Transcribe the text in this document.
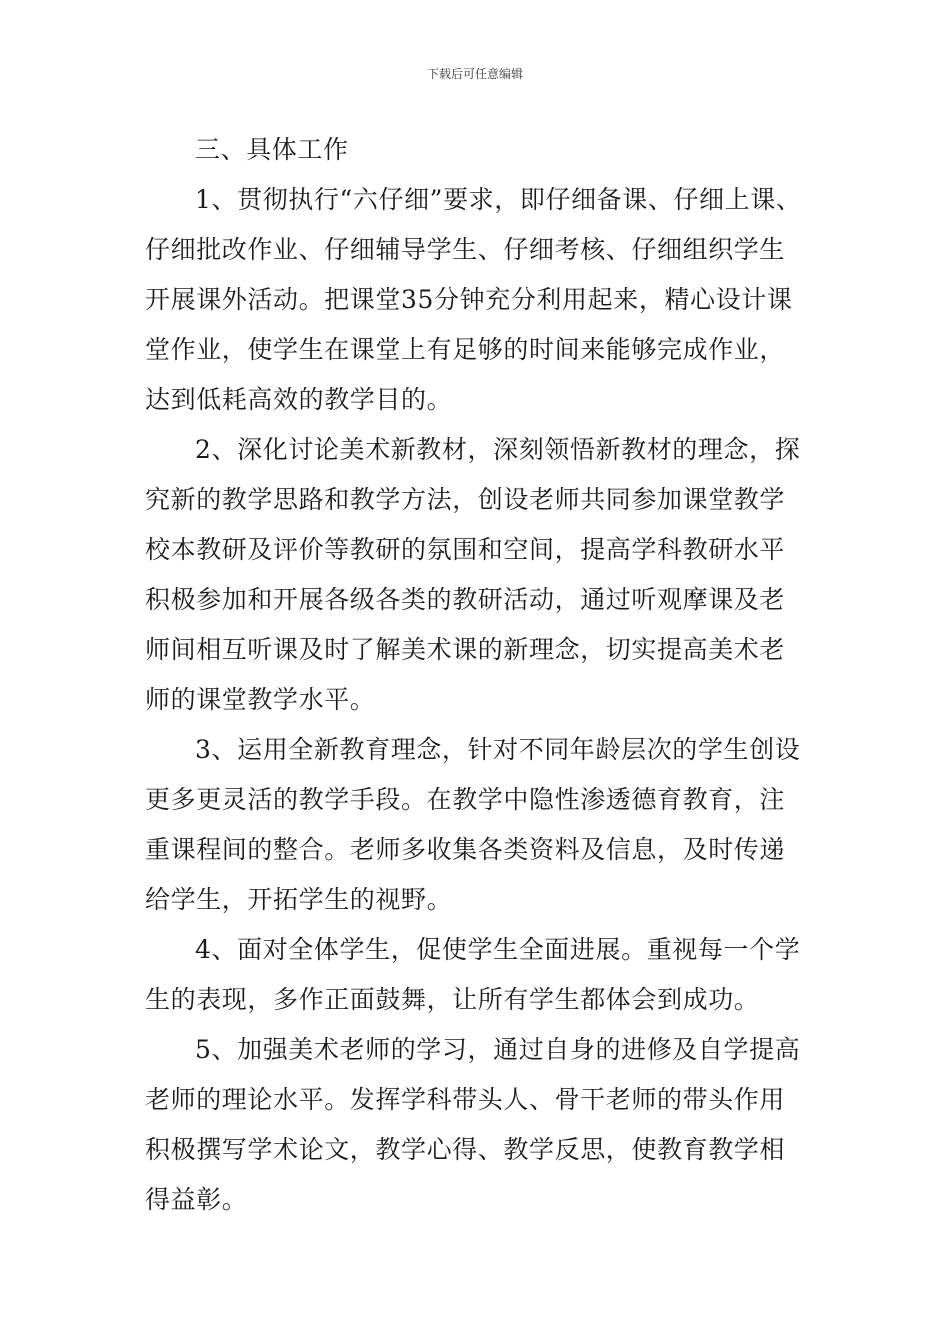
下载后可任意编辑
三、具体工作
1、贯彻执行“六仔细”要求，即仔细备课、仔细上课、
仔细批改作业、仔细辅导学生、仔细考核、仔细组织学生
开展课外活动。把课堂35分钟充分利用起来，精心设计课
堂作业，使学生在课堂上有足够的时间来能够完成作业，
达到低耗高效的教学目的。
2、深化讨论美术新教材，深刻领悟新教材的理念，探
究新的教学思路和教学方法，创设老师共同参加课堂教学
校本教研及评价等教研的氛围和空间，提高学科教研水平
积极参加和开展各级各类的教研活动，通过听观摩课及老
师间相互听课及时了解美术课的新理念，切实提高美术老
师的课堂教学水平。
3、运用全新教育理念，针对不同年龄层次的学生创设
更多更灵活的教学手段。在教学中隐性渗透德育教育，注
重课程间的整合。老师多收集各类资料及信息，及时传递
给学生，开拓学生的视野。
4、面对全体学生，促使学生全面进展。重视每一个学
生的表现，多作正面鼓舞，让所有学生都体会到成功。
5、加强美术老师的学习，通过自身的进修及自学提高
老师的理论水平。发挥学科带头人、骨干老师的带头作用
积极撰写学术论文，教学心得、教学反思，使教育教学相
得益彰。
